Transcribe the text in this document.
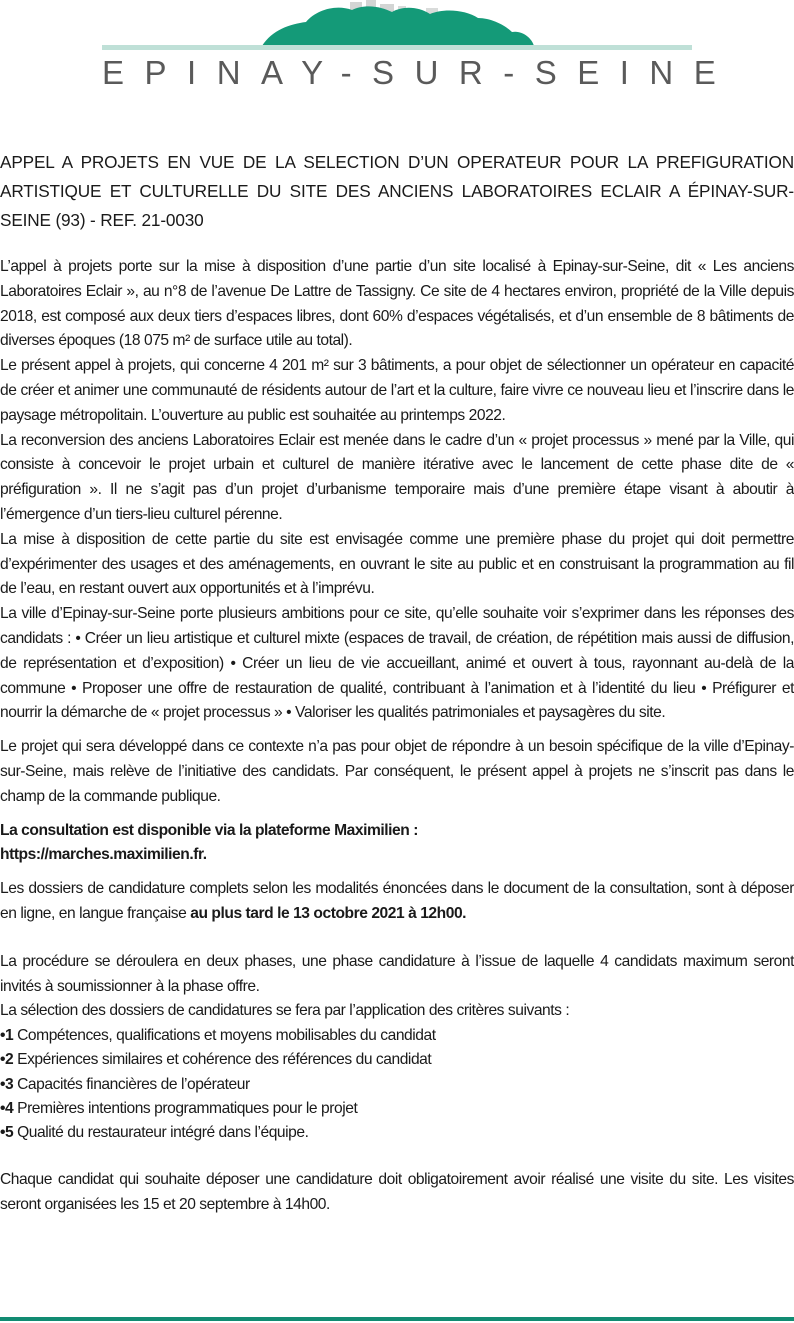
EPINAY-SUR-SEINE
APPEL A PROJETS EN VUE DE LA SELECTION D’UN OPERATEUR POUR LA PREFIGURATION ARTISTIQUE ET CULTURELLE DU SITE DES ANCIENS LABORATOIRES ECLAIR A ÉPINAY-SUR-SEINE (93) - REF. 21-0030

L’appel à projets porte sur la mise à disposition d’une partie d’un site localisé à Epinay-sur-Seine, dit « Les anciens Laboratoires Eclair », au n°8 de l’avenue De Lattre de Tassigny. Ce site de 4 hectares environ, propriété de la Ville depuis 2018, est composé aux deux tiers d’espaces libres, dont 60% d’espaces végétalisés, et d’un ensemble de 8 bâtiments de diverses époques (18 075 m² de surface utile au total).

Le présent appel à projets, qui concerne 4 201 m² sur 3 bâtiments, a pour objet de sélectionner un opérateur en capacité de créer et animer une communauté de résidents autour de l’art et la culture, faire vivre ce nouveau lieu et l’inscrire dans le paysage métropolitain. L’ouverture au public est souhaitée au printemps 2022.

La reconversion des anciens Laboratoires Eclair est menée dans le cadre d’un « projet processus » mené par la Ville, qui consiste à concevoir le projet urbain et culturel de manière itérative avec le lancement de cette phase dite de « préfiguration ». Il ne s’agit pas d’un projet d’urbanisme temporaire mais d’une première étape visant à aboutir à l’émergence d’un tiers-lieu culturel pérenne.

La mise à disposition de cette partie du site est envisagée comme une première phase du projet qui doit permettre d’expérimenter des usages et des aménagements, en ouvrant le site au public et en construisant la programmation au fil de l’eau, en restant ouvert aux opportunités et à l’imprévu.

La ville d’Epinay-sur-Seine porte plusieurs ambitions pour ce site, qu’elle souhaite voir s’exprimer dans les réponses des candidats : • Créer un lieu artistique et culturel mixte (espaces de travail, de création, de répétition mais aussi de diffusion, de représentation et d’exposition) • Créer un lieu de vie accueillant, animé et ouvert à tous, rayonnant au-delà de la commune • Proposer une offre de restauration de qualité, contribuant à l’animation et à l’identité du lieu • Préfigurer et nourrir la démarche de « projet processus » • Valoriser les qualités patrimoniales et paysagères du site.

Le projet qui sera développé dans ce contexte n’a pas pour objet de répondre à un besoin spécifique de la ville d’Epinay-sur-Seine, mais relève de l’initiative des candidats. Par conséquent, le présent appel à projets ne s’inscrit pas dans le champ de la commande publique.

La consultation est disponible via la plateforme Maximilien :

https://marches.maximilien.fr.

Les dossiers de candidature complets selon les modalités énoncées dans le document de la consultation, sont à déposer en ligne, en langue française au plus tard le 13 octobre 2021 à 12h00.

La procédure se déroulera en deux phases, une phase candidature à l’issue de laquelle 4 candidats maximum seront invités à soumissionner à la phase offre.

La sélection des dossiers de candidatures se fera par l’application des critères suivants :

•1 Compétences, qualifications et moyens mobilisables du candidat
•2 Expériences similaires et cohérence des références du candidat
•3 Capacités financières de l’opérateur
•4 Premières intentions programmatiques pour le projet
•5 Qualité du restaurateur intégré dans l’équipe.

Chaque candidat qui souhaite déposer une candidature doit obligatoirement avoir réalisé une visite du site. Les visites seront organisées les 15 et 20 septembre à 14h00.
